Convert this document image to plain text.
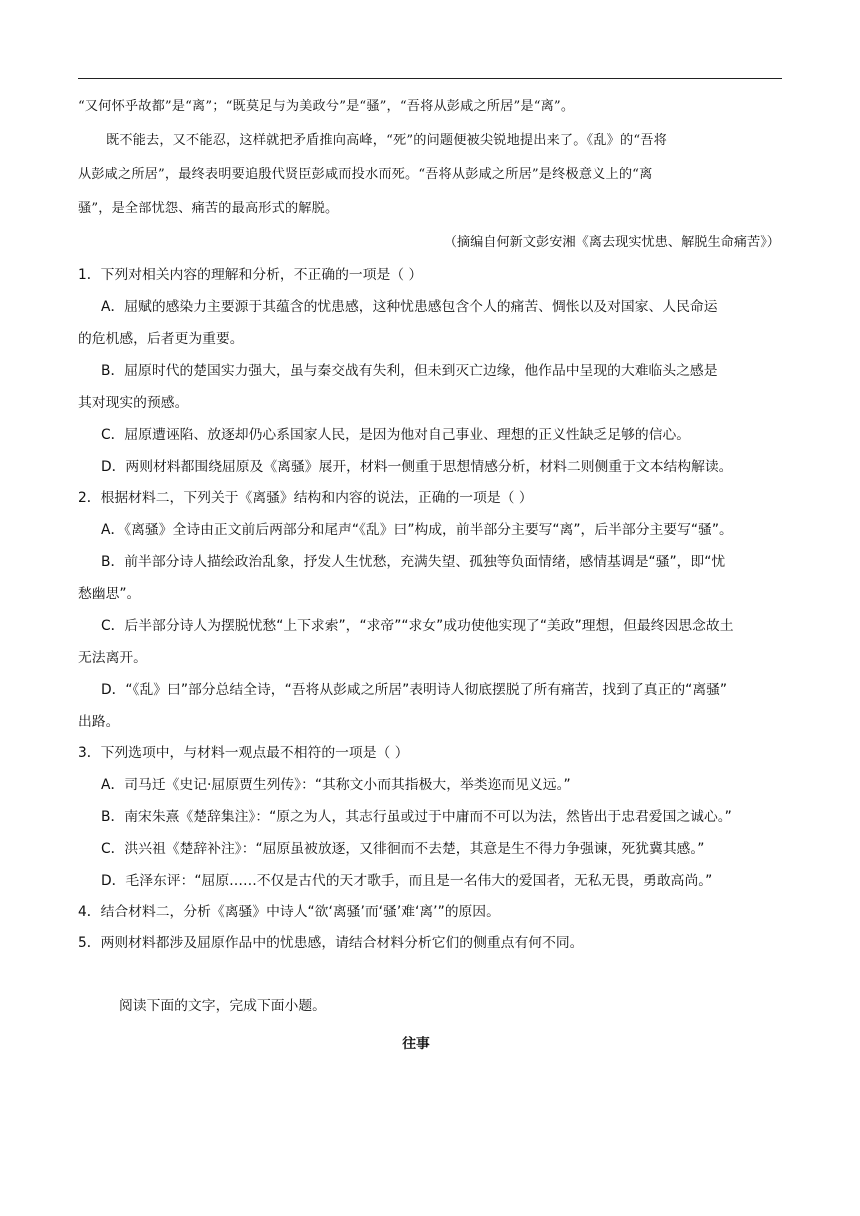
“又何怀乎故都”是“离”；“既莫足与为美政兮”是“骚”，“吾将从彭咸之所居”是“离”。
既不能去，又不能忍，这样就把矛盾推向高峰，“死”的问题便被尖锐地提出来了。《乱》的“吾将
从彭咸之所居”，最终表明要追殷代贤臣彭咸而投水而死。“吾将从彭咸之所居”是终极意义上的“离
骚”，是全部忧怨、痛苦的最高形式的解脱。
（摘编自何新文彭安湘《离去现实忧患、解脱生命痛苦》）
1．下列对相关内容的理解和分析，不正确的一项是（ ）
A．屈赋的感染力主要源于其蕴含的忧患感，这种忧患感包含个人的痛苦、惆怅以及对国家、人民命运
的危机感，后者更为重要。
B．屈原时代的楚国实力强大，虽与秦交战有失利，但未到灭亡边缘，他作品中呈现的大难临头之感是
其对现实的预感。
C．屈原遭诬陷、放逐却仍心系国家人民，是因为他对自己事业、理想的正义性缺乏足够的信心。
D．两则材料都围绕屈原及《离骚》展开，材料一侧重于思想情感分析，材料二则侧重于文本结构解读。
2．根据材料二，下列关于《离骚》结构和内容的说法，正确的一项是（ ）
A．《离骚》全诗由正文前后两部分和尾声“《乱》曰”构成，前半部分主要写“离”，后半部分主要写“骚”。
B．前半部分诗人描绘政治乱象，抒发人生忧愁，充满失望、孤独等负面情绪，感情基调是“骚”，即“忧
愁幽思”。
C．后半部分诗人为摆脱忧愁“上下求索”，“求帝”“求女”成功使他实现了“美政”理想，但最终因思念故土
无法离开。
D．“《乱》曰”部分总结全诗，“吾将从彭咸之所居”表明诗人彻底摆脱了所有痛苦，找到了真正的“离骚”
出路。
3．下列选项中，与材料一观点最不相符的一项是（ ）
A．司马迁《史记·屈原贾生列传》：“其称文小而其指极大，举类迩而见义远。”
B．南宋朱熹《楚辞集注》：“原之为人，其志行虽或过于中庸而不可以为法，然皆出于忠君爱国之诚心。”
C．洪兴祖《楚辞补注》：“屈原虽被放逐，又徘徊而不去楚，其意是生不得力争强谏，死犹冀其感。”
D．毛泽东评：“屈原……不仅是古代的天才歌手，而且是一名伟大的爱国者，无私无畏，勇敢高尚。”
4．结合材料二，分析《离骚》中诗人“欲‘离骚’而‘骚’难‘离’”的原因。
5．两则材料都涉及屈原作品中的忧患感，请结合材料分析它们的侧重点有何不同。
阅读下面的文字，完成下面小题。
往事
